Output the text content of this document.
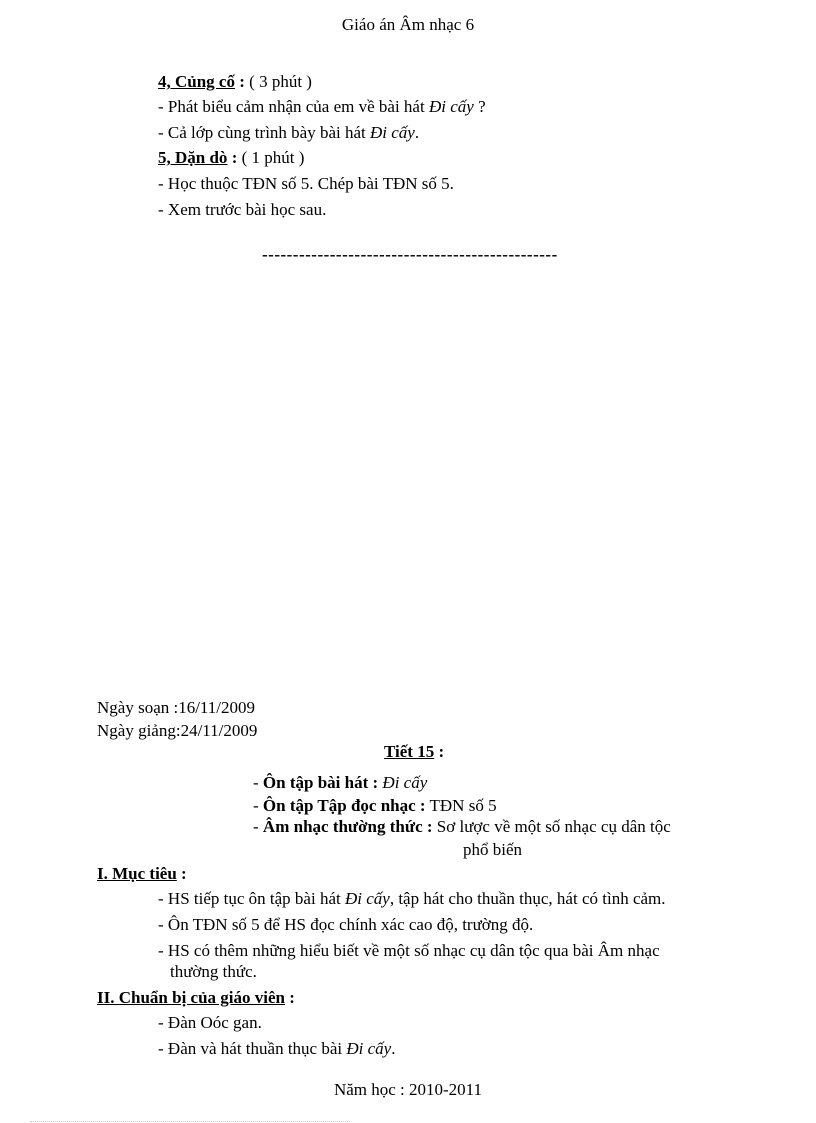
Giáo án Âm nhạc 6
4, Củng cố : ( 3 phút )
- Phát biểu cảm nhận của em về bài hát Đi cấy ?
- Cả lớp cùng trình bày bài hát Đi cấy.
5, Dặn dò : ( 1 phút )
- Học thuộc TĐN số 5. Chép bài TĐN số 5.
- Xem trước bài học sau.
------------------------------------------------
Ngày soạn :16/11/2009
Ngày giảng:24/11/2009
Tiết 15 :
- Ôn tập bài hát : Đi cấy
- Ôn tập Tập đọc nhạc : TĐN số 5
- Âm nhạc thường thức : Sơ lược về một số nhạc cụ dân tộc
phổ biến
I. Mục tiêu :
- HS tiếp tục ôn tập bài hát Đi cấy, tập hát cho thuần thục, hát có tình cảm.
- Ôn TĐN số 5 để HS đọc chính xác cao độ, trường độ.
- HS có thêm những hiểu biết về một số nhạc cụ dân tộc qua bài Âm nhạc
thường thức.
II. Chuẩn bị của giáo viên :
- Đàn Oóc gan.
- Đàn và hát thuần thục bài Đi cấy.
Năm học : 2010-2011
